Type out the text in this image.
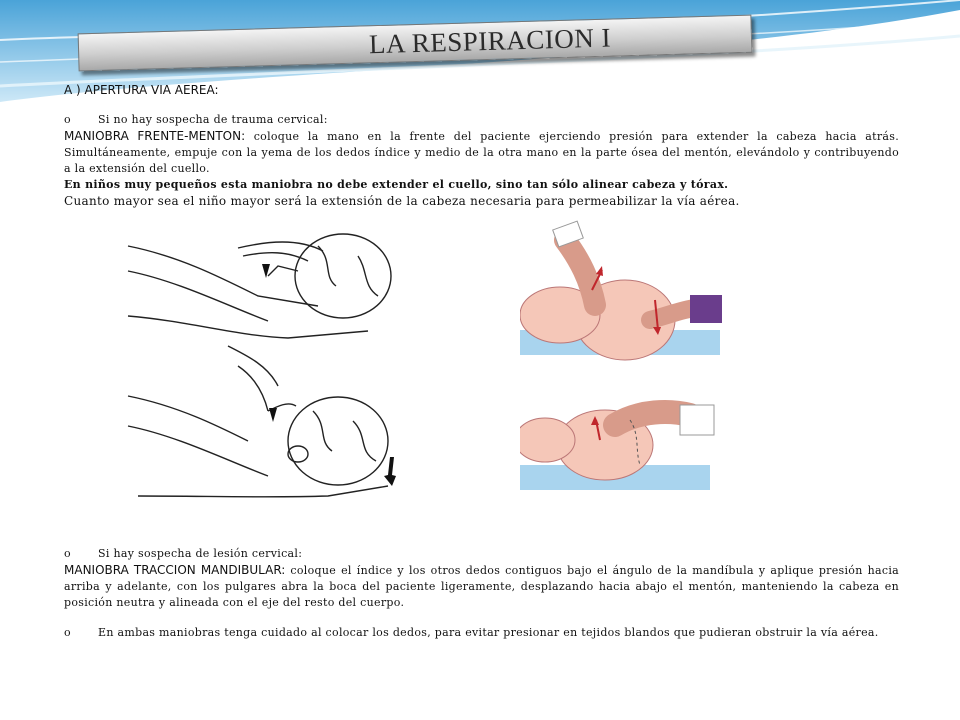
LA RESPIRACION I

A ) APERTURA VIA AEREA:

o Si no hay sospecha de trauma cervical:

MANIOBRA FRENTE-MENTON: coloque la mano en la frente del paciente ejerciendo presión para extender la cabeza hacia atrás. Simultáneamente, empuje con la yema de los dedos índice y medio de la otra mano en la parte ósea del mentón, elevándolo y contribuyendo a la extensión del cuello.

En niños muy pequeños esta maniobra no debe extender el cuello, sino tan sólo alinear cabeza y tórax.

Cuanto mayor sea el niño mayor será la extensión de la cabeza necesaria para permeabilizar la vía aérea.

o Si hay sospecha de lesión cervical:

MANIOBRA TRACCION MANDIBULAR: coloque el índice y los otros dedos contiguos bajo el ángulo de la mandíbula y aplique presión hacia arriba y adelante, con los pulgares abra la boca del paciente ligeramente, desplazando hacia abajo el mentón, manteniendo la cabeza en posición neutra y alineada con el eje del resto del cuerpo.

o En ambas maniobras tenga cuidado al colocar los dedos, para evitar presionar en tejidos blandos que pudieran obstruir la vía aérea.
